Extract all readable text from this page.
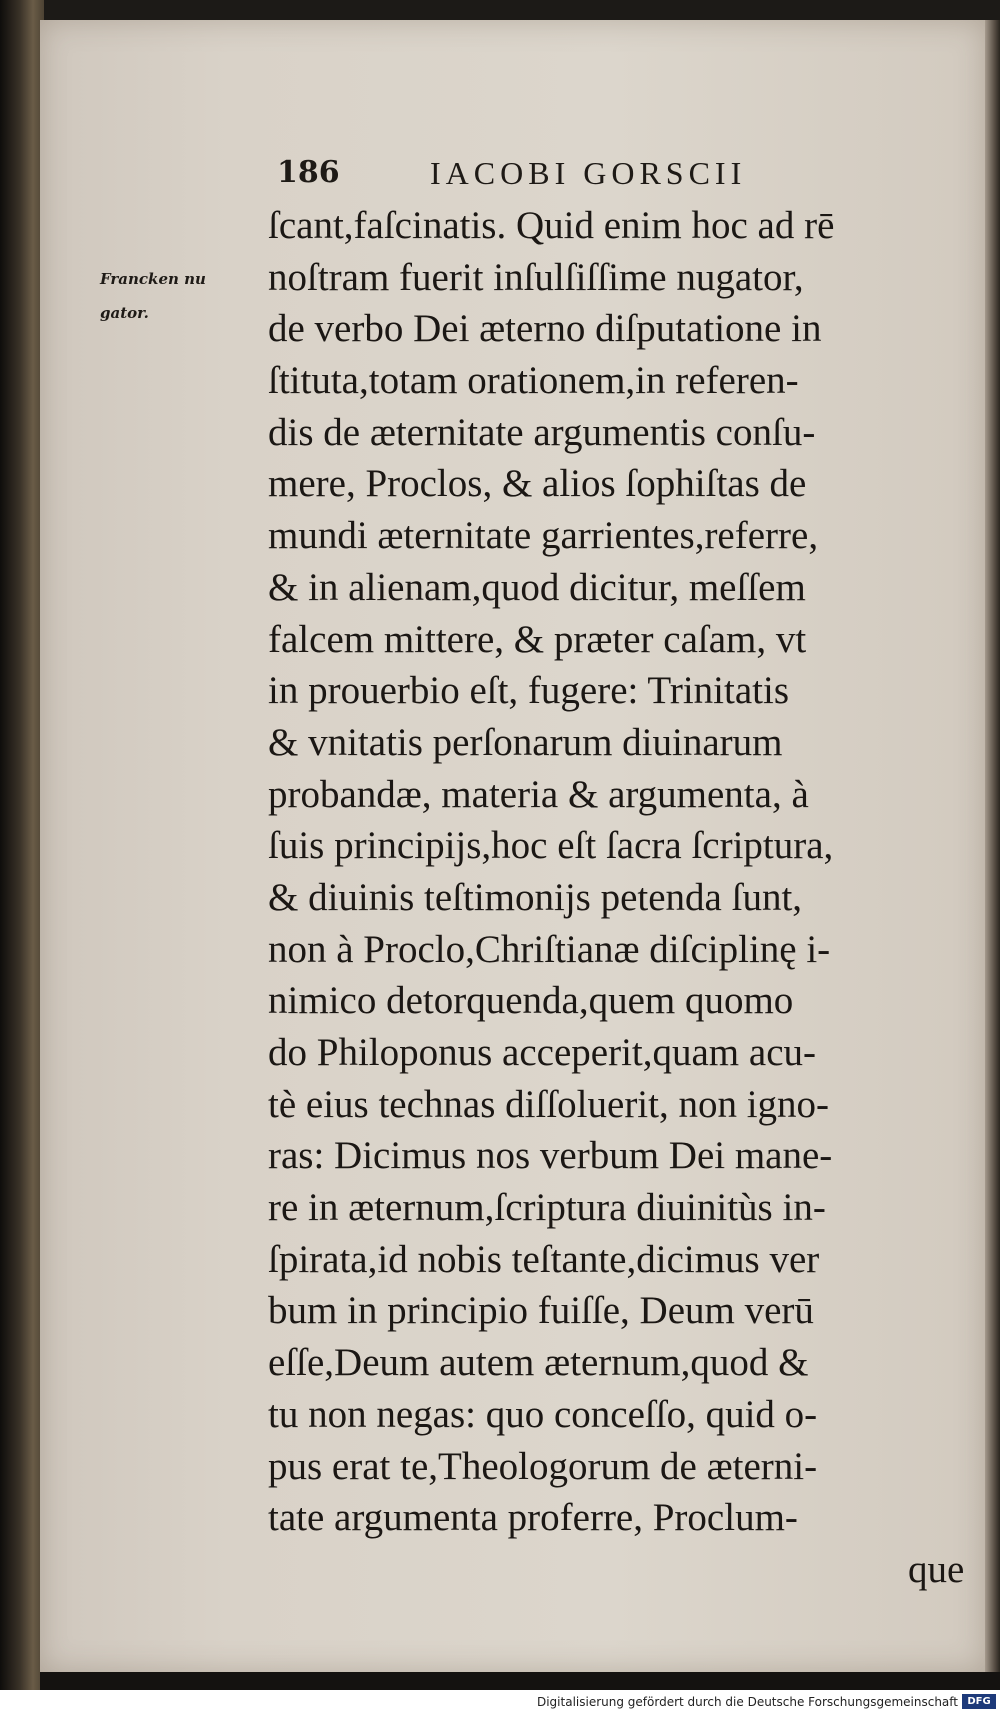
186	IACOBI GORSCII
Francken nu
gator.
ſcant,faſcinatis. Quid enim hoc ad rē
noſtram fuerit inſulſiſſime nugator,
de verbo Dei æterno diſputatione in
ſtituta,totam orationem,in referen-
dis de æternitate argumentis conſu-
mere, Proclos, & alios ſophiſtas de
mundi æternitate garrientes,referre,
& in alienam,quod dicitur, meſſem
falcem mittere, & præter caſam, vt
in prouerbio eſt, fugere: Trinitatis
& vnitatis perſonarum diuinarum
probandæ, materia & argumenta, à
ſuis principijs,hoc eſt ſacra ſcriptura,
& diuinis teſtimonijs petenda ſunt,
non à Proclo,Chriſtianæ diſciplinę i-
nimico detorquenda,quem quomo
do Philoponus acceperit,quam acu-
tè eius technas diſſoluerit, non igno-
ras: Dicimus nos verbum Dei mane-
re in æternum,ſcriptura diuinitùs in-
ſpirata,id nobis teſtante,dicimus ver
bum in principio fuiſſe, Deum verū
eſſe,Deum autem æternum,quod &
tu non negas: quo conceſſo, quid o-
pus erat te,Theologorum de æterni-
tate argumenta proferre, Proclum-
que
Digitalisierung gefördert durch die Deutsche Forschungsgemeinschaft DFG
